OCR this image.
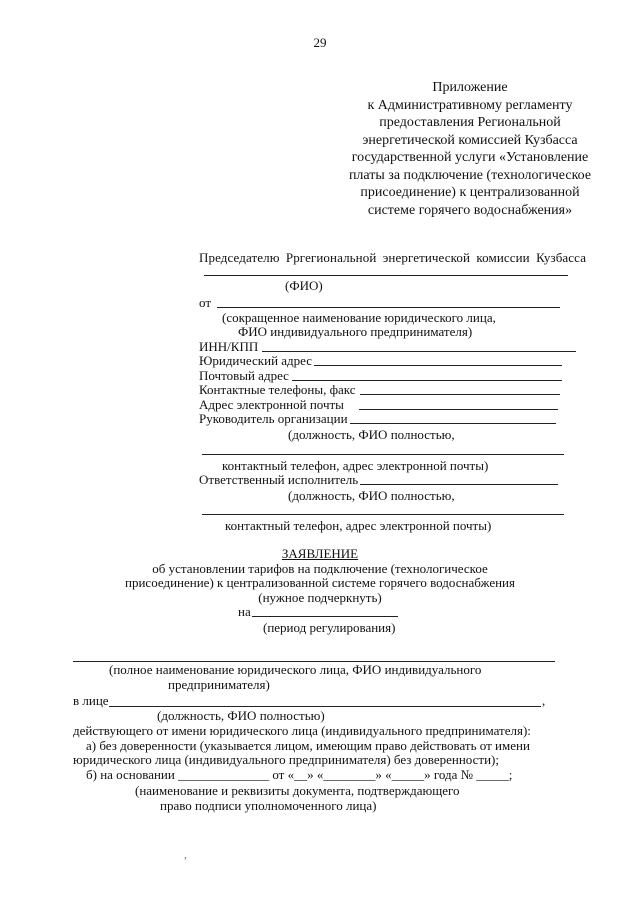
29
Приложение
к Административному регламенту
предоставления Региональной
энергетической комиссией Кузбасса
государственной услуги «Установление
платы за подключение (технологическое
присоединение) к централизованной
системе горячего водоснабжения»
Председателю Рргегиональной энергетической комиссии Кузбасса
(ФИО)
от
(сокращенное наименование юридического лица,
ФИО индивидуального предпринимателя)
ИНН/КПП
Юридический адрес
Почтовый адрес
Контактные телефоны, факс
Адрес электронной почты
Руководитель организации
(должность, ФИО полностью,
контактный телефон, адрес электронной почты)
Ответственный исполнитель
(должность, ФИО полностью,
контактный телефон, адрес электронной почты)
ЗАЯВЛЕНИЕ
об установлении тарифов на подключение (технологическое
присоединение) к централизованной системе горячего водоснабжения
(нужное подчеркнуть)
на
(период регулирования)
(полное наименование юридического лица, ФИО индивидуального
предпринимателя)
в лице	,
(должность, ФИО полностью)
действующего от имени юридического лица (индивидуального предпринимателя):
а) без доверенности (указывается лицом, имеющим право действовать от имени
юридического лица (индивидуального предпринимателя) без доверенности);
б) на основании ______________ от «__» «________» «_____» года № _____;
(наименование и реквизиты документа, подтверждающего
право подписи уполномоченного лица)
,
